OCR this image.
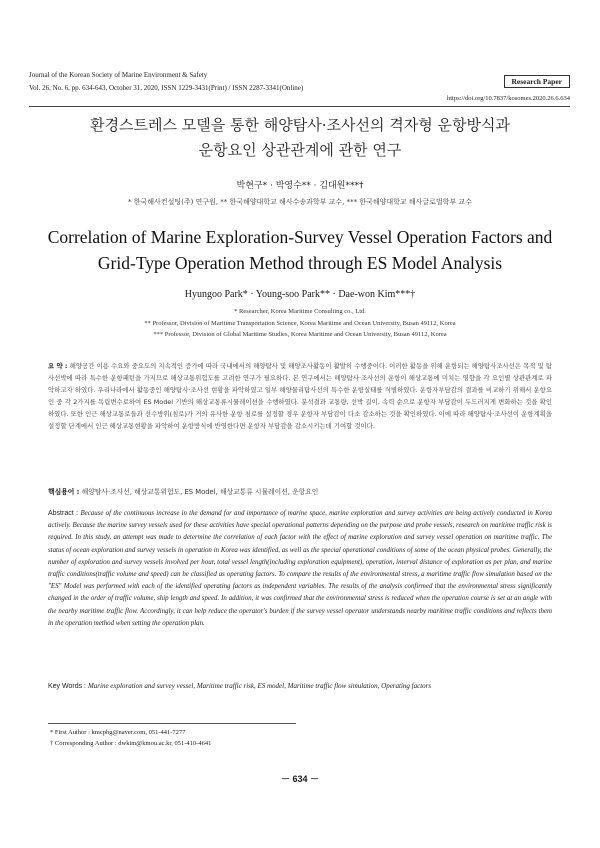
Journal of the Korean Society of Marine Environment & Safety
Vol. 26, No. 6, pp. 634-643, October 31, 2020, ISSN 1229-3431(Print) / ISSN 2287-3341(Online)
Research Paper
https://doi.org/10.7837/kosomes.2020.26.6.634
환경스트레스 모델을 통한 해양탐사·조사선의 격자형 운항방식과
운항요인 상관관계에 관한 연구
박현구* · 박영수** · 김대원***†
* 한국해사컨설팅(주) 연구원, ** 한국해양대학교 해사수송과학부 교수, *** 한국해양대학교 해사글로벌학부 교수
Correlation of Marine Exploration-Survey Vessel Operation Factors and
Grid-Type Operation Method through ES Model Analysis
Hyungoo Park* · Young-soo Park** · Dae-won Kim***†
* Researcher, Korea Maritime Consulting co., Ltd.
** Professor, Division of Maritime Transportation Science, Korea Maritime and Ocean University, Busan 49112, Korea
*** Professor, Division of Global Maritime Studies, Korea Maritime and Ocean University, Busan 49112, Korea
요 약 : 해양공간 이용 수요와 중요도의 지속적인 증가에 따라 국내에서의 해양탐사 및 해양조사활동이 활발히 수행중이다. 이러한 활동을 위해 운항되는 해양탐사조사선은 목적 및 탐사선박에 따라 특수한 운항패턴을 가지므로 해상교통위험도를 고려한 연구가 필요하다. 본 연구에서는 해양탐사·조사선의 운항이 해상교통에 미치는 영향을 각 요인별 상관관계로 파악하고자 하였다. 우리나라에서 활동중인 해양탐사·조사선 현황을 파악하였고 일부 해양물리탐사선의 특수한 운항실태를 식별하였다. 운항자부담감의 결과를 비교하기 위해서 운항요인 중 각 2가지를 독립변수로하여 ES Model 기반의 해상교통류시뮬레이션을 수행하였다. 분석결과 교통량, 선박 길이, 속력 순으로 운항자 부담감이 두드러지게 변화하는 것을 확인하였다. 또한 인근 해상교통로들과 선수방위(침로)가 거의 유사한 운항 침로를 설정할 경우 운항자 부담감이 다소 감소하는 것을 확인하였다. 이에 따라 해양탐사·조사선이 운항계획을 설정할 단계에서 인근 해상교통현황을 파악하여 운항방식에 반영한다면 운항자 부담감을 감소시키는데 기여할 것이다.
핵심용어 : 해양탐사·조사선, 해상교통위험도, ES Model, 해상교통류 시뮬레이션, 운항요인
Abstract : Because of the continuous increase in the demand for and importance of marine space, marine exploration and survey activities are being actively conducted in Korea actively. Because the marine survey vessels used for these activities have special operational patterns depending on the purpose and probe vessels, research on maritime traffic risk is required. In this study, an attempt was made to determine the correlation of each factor with the effect of marine exploration and survey vessel operation on maritime traffic. The status of ocean exploration and survey vessels in operation in Korea was identified, as well as the special operational conditions of some of the ocean physical probes. Generally, the number of exploration and survey vessels involved per hour, total vessel length(including exploration equipment), operation, interval distance of exploration as per plan, and marine traffic conditions(traffic volume and speed) can be classified as operating factors. To compare the results of the environmental stress, a maritime traffic flow simulation based on the "ES" Model was performed with each of the identified operating factors as independent variables. The results of the analysis confirmed that the environmental stress significantly changed in the order of traffic volume, ship length and speed. In addition, it was confirmed that the environmental stress is reduced when the operation course is set at an angle with the nearby maritime traffic flow. Accordingly, it can help reduce the operator's burden if the survey vessel operator understands nearby maritime traffic conditions and reflects them in the operation method when setting the operation plan.
Key Words : Marine exploration and survey vessel, Maritime traffic risk, ES model, Maritime traffic flow simulation, Operating factors
* First Author : kmcphg@naver.com, 051-441-7277
† Corresponding Author : dwkim@kmou.ac.kr, 051-410-4641
－ 634 －
